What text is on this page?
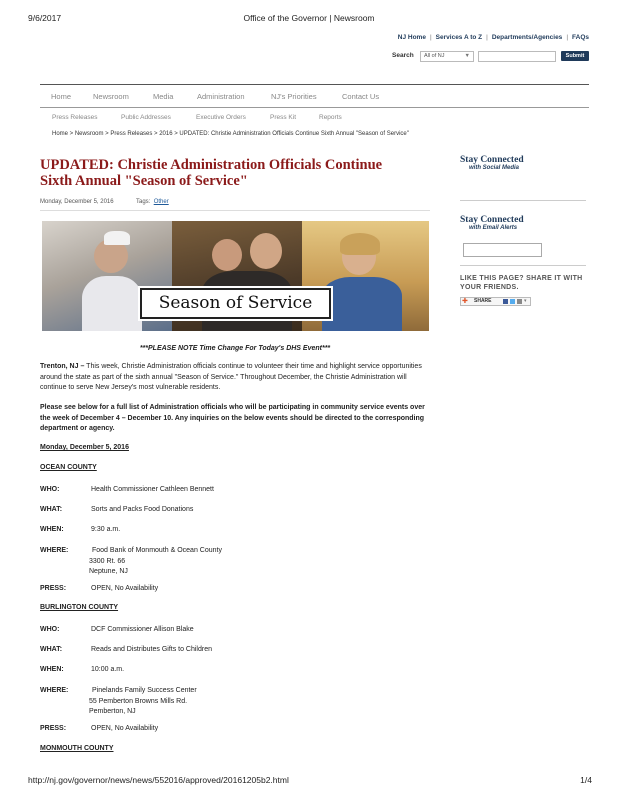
9/6/2017	Office of the Governor | Newsroom
NJ Home | Services A to Z | Departments/Agencies | FAQs
Search	All of NJ	▼	Submit
Home	Newsroom	Media	Administration	NJ's Priorities	Contact Us
Press Releases	Public Addresses	Executive Orders	Press Kit	Reports
Home > Newsroom > Press Releases > 2016 > UPDATED: Christie Administration Officials Continue Sixth Annual "Season of Service"
UPDATED: Christie Administration Officials Continue Sixth Annual "Season of Service"
Monday, December 5, 2016	Tags: Other
Season of Service
***PLEASE NOTE Time Change For Today's DHS Event***
Trenton, NJ – This week, Christie Administration officials continue to volunteer their time and highlight service opportunities around the state as part of the sixth annual "Season of Service." Throughout December, the Christie Administration will continue to serve New Jersey's most vulnerable residents.
Please see below for a full list of Administration officials who will be participating in community service events over the week of December 4 – December 10. Any inquiries on the below events should be directed to the corresponding department or agency.
Monday, December 5, 2016
OCEAN COUNTY
WHO:	Health Commissioner Cathleen Bennett
WHAT:	Sorts and Packs Food Donations
WHEN:	9:30 a.m.
WHERE:	Food Bank of Monmouth & Ocean County
3300 Rt. 66
Neptune, NJ
PRESS:	OPEN, No Availability
BURLINGTON COUNTY
WHO:	DCF Commissioner Allison Blake
WHAT:	Reads and Distributes Gifts to Children
WHEN:	10:00 a.m.
WHERE:	Pinelands Family Success Center
55 Pemberton Browns Mills Rd.
Pemberton, NJ
PRESS:	OPEN, No Availability
MONMOUTH COUNTY
Stay Connected
with Social Media
Stay Connected
with Email Alerts
LIKE THIS PAGE? SHARE IT WITH YOUR FRIENDS.
✚ SHARE	▾
http://nj.gov/governor/news/news/552016/approved/20161205b2.html	1/4
